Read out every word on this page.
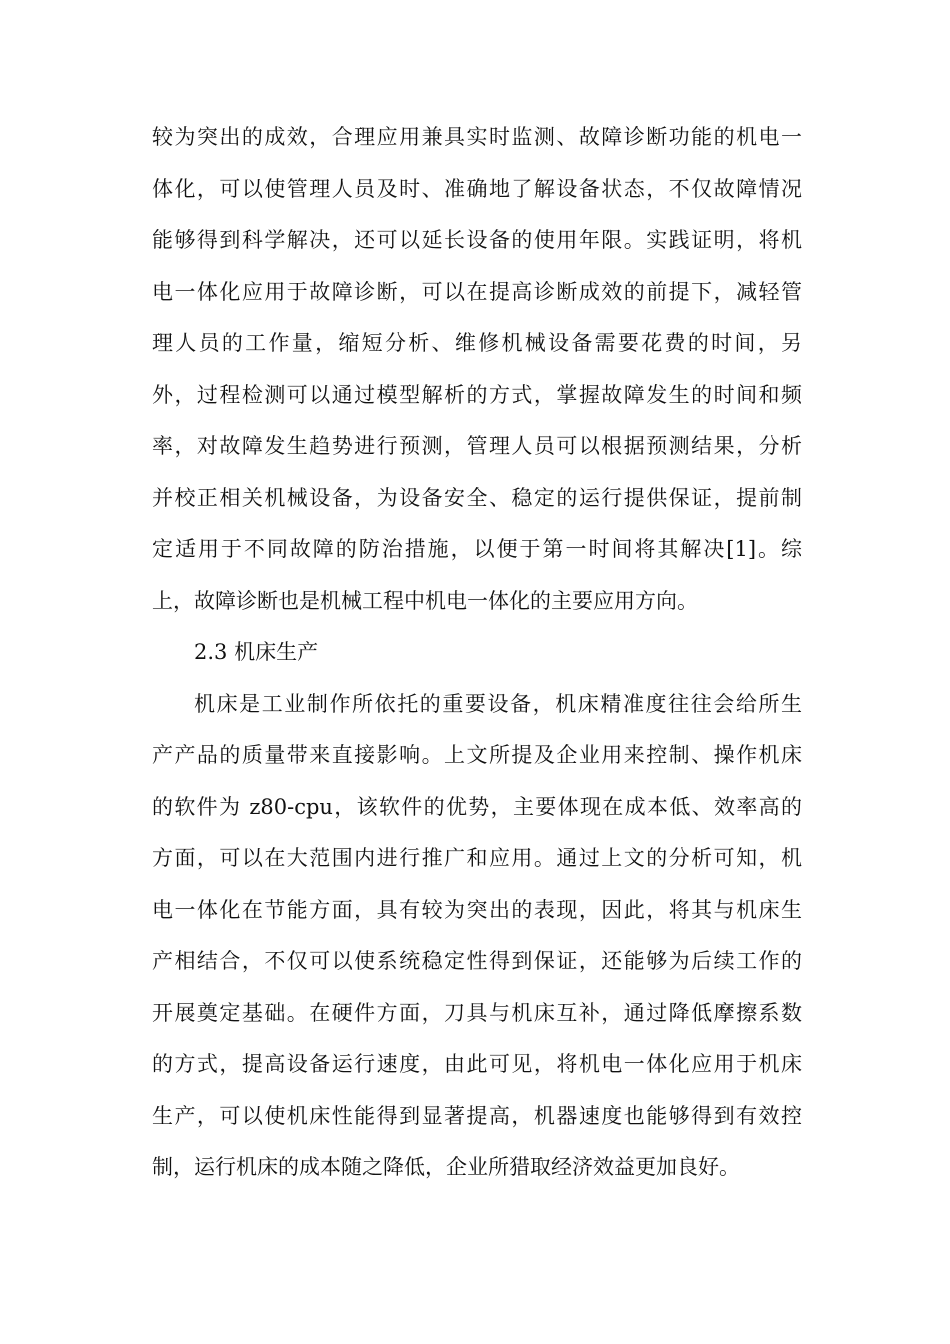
较为突出的成效，合理应用兼具实时监测、故障诊断功能的机电一
体化，可以使管理人员及时、准确地了解设备状态，不仅故障情况
能够得到科学解决，还可以延长设备的使用年限。实践证明，将机
电一体化应用于故障诊断，可以在提高诊断成效的前提下，减轻管
理人员的工作量，缩短分析、维修机械设备需要花费的时间，另
外，过程检测可以通过模型解析的方式，掌握故障发生的时间和频
率，对故障发生趋势进行预测，管理人员可以根据预测结果，分析
并校正相关机械设备，为设备安全、稳定的运行提供保证，提前制
定适用于不同故障的防治措施，以便于第一时间将其解决[1]。综
上，故障诊断也是机械工程中机电一体化的主要应用方向。
2.3 机床生产
机床是工业制作所依托的重要设备，机床精准度往往会给所生
产产品的质量带来直接影响。上文所提及企业用来控制、操作机床
的软件为 z80-cpu，该软件的优势，主要体现在成本低、效率高的
方面，可以在大范围内进行推广和应用。通过上文的分析可知，机
电一体化在节能方面，具有较为突出的表现，因此，将其与机床生
产相结合，不仅可以使系统稳定性得到保证，还能够为后续工作的
开展奠定基础。在硬件方面，刀具与机床互补，通过降低摩擦系数
的方式，提高设备运行速度，由此可见，将机电一体化应用于机床
生产，可以使机床性能得到显著提高，机器速度也能够得到有效控
制，运行机床的成本随之降低，企业所猎取经济效益更加良好。
